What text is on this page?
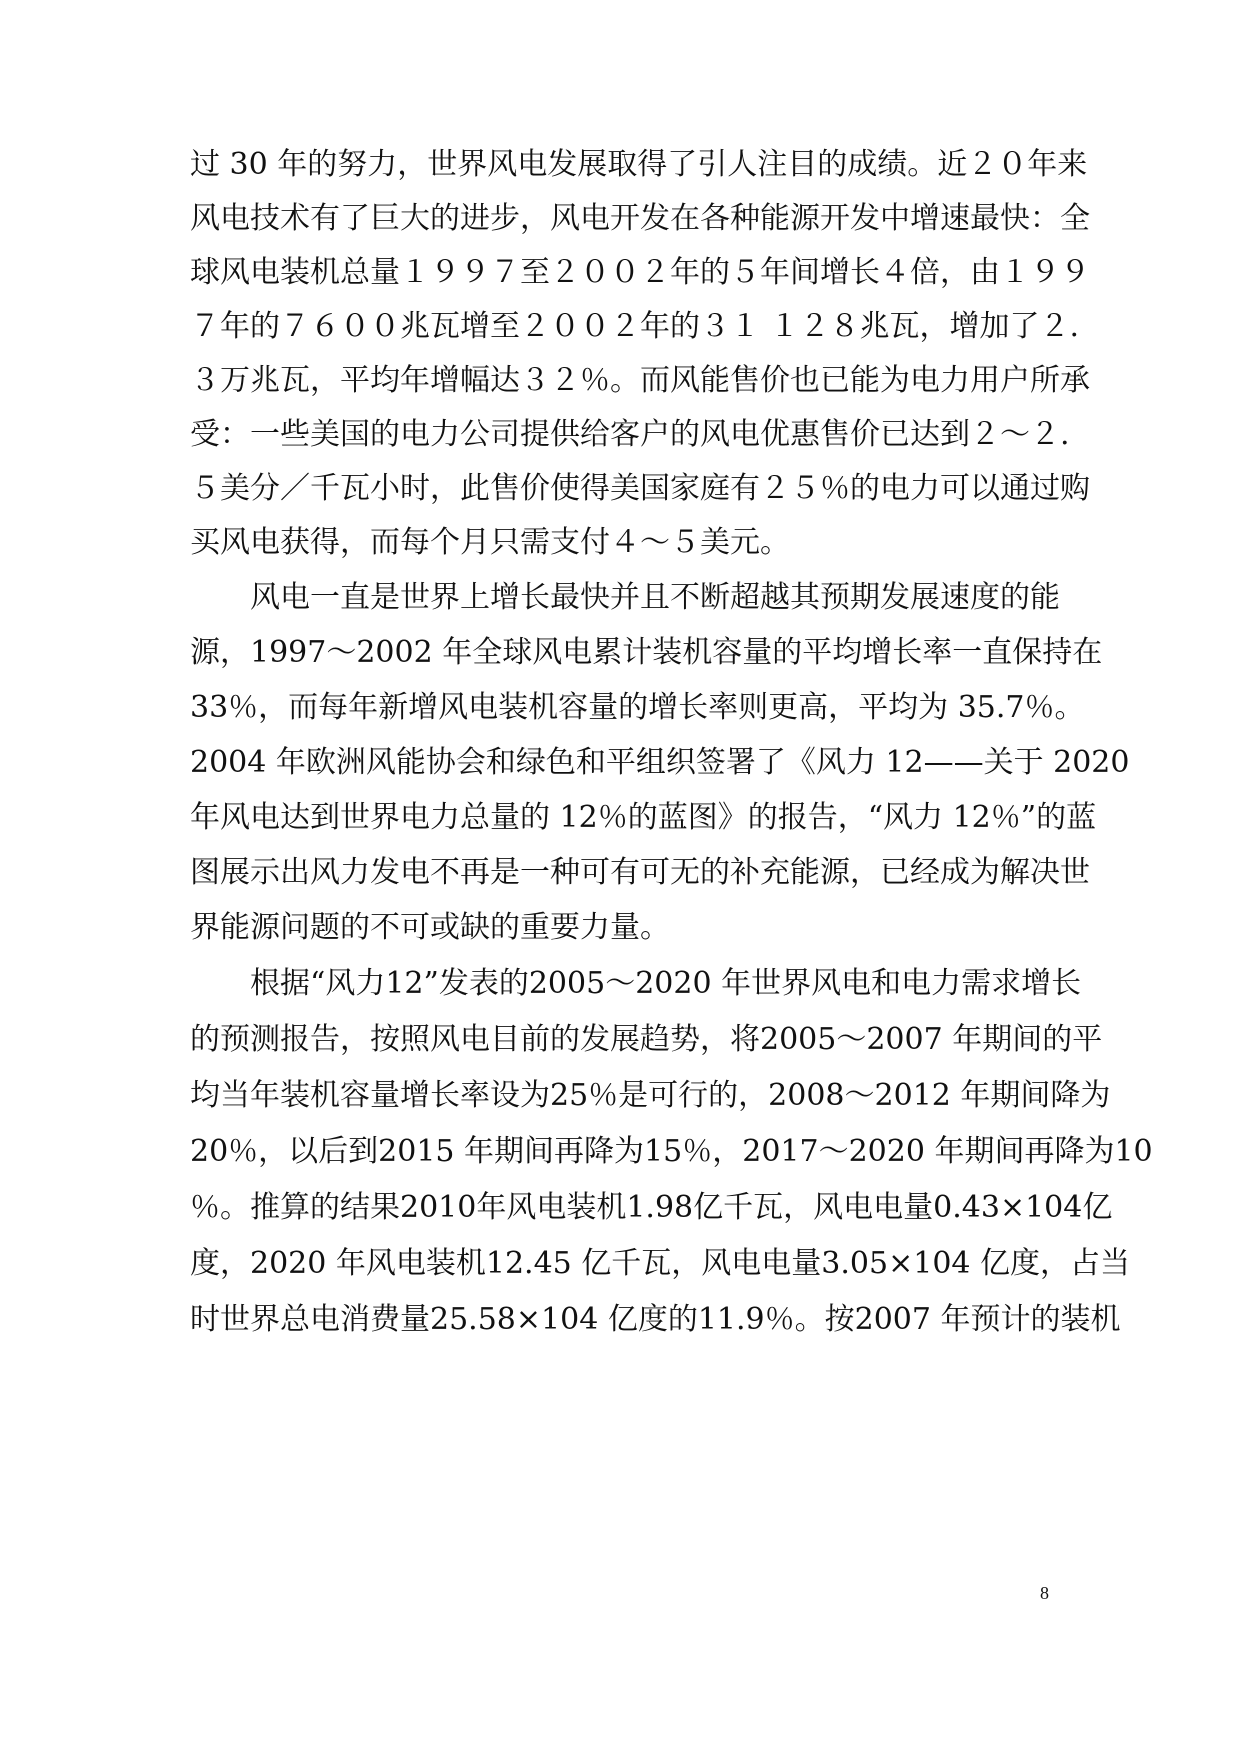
过 30 年的努力，世界风电发展取得了引人注目的成绩。近２０年来
风电技术有了巨大的进步，风电开发在各种能源开发中增速最快：全
球风电装机总量１９９７至２００２年的５年间增长４倍，由１９９
７年的７６００兆瓦增至２００２年的３１ １２８兆瓦，增加了２.
３万兆瓦，平均年增幅达３２％。而风能售价也已能为电力用户所承
受：一些美国的电力公司提供给客户的风电优惠售价已达到２～２.
５美分／千瓦小时，此售价使得美国家庭有２５％的电力可以通过购
买风电获得，而每个月只需支付４～５美元。
风电一直是世界上增长最快并且不断超越其预期发展速度的能
源，1997～2002 年全球风电累计装机容量的平均增长率一直保持在
33％，而每年新增风电装机容量的增长率则更高，平均为 35.7％。
2004 年欧洲风能协会和绿色和平组织签署了《风力 12——关于 2020
年风电达到世界电力总量的 12％的蓝图》的报告，“风力 12％”的蓝
图展示出风力发电不再是一种可有可无的补充能源，已经成为解决世
界能源问题的不可或缺的重要力量。
根据“风力12”发表的2005～2020 年世界风电和电力需求增长
的预测报告，按照风电目前的发展趋势，将2005～2007 年期间的平
均当年装机容量增长率设为25％是可行的，2008～2012 年期间降为
20％，以后到2015 年期间再降为15％，2017～2020 年期间再降为10
％。推算的结果2010年风电装机1.98亿千瓦，风电电量0.43×104亿
度，2020 年风电装机12.45 亿千瓦，风电电量3.05×104 亿度，占当
时世界总电消费量25.58×104 亿度的11.9％。按2007 年预计的装机
8
